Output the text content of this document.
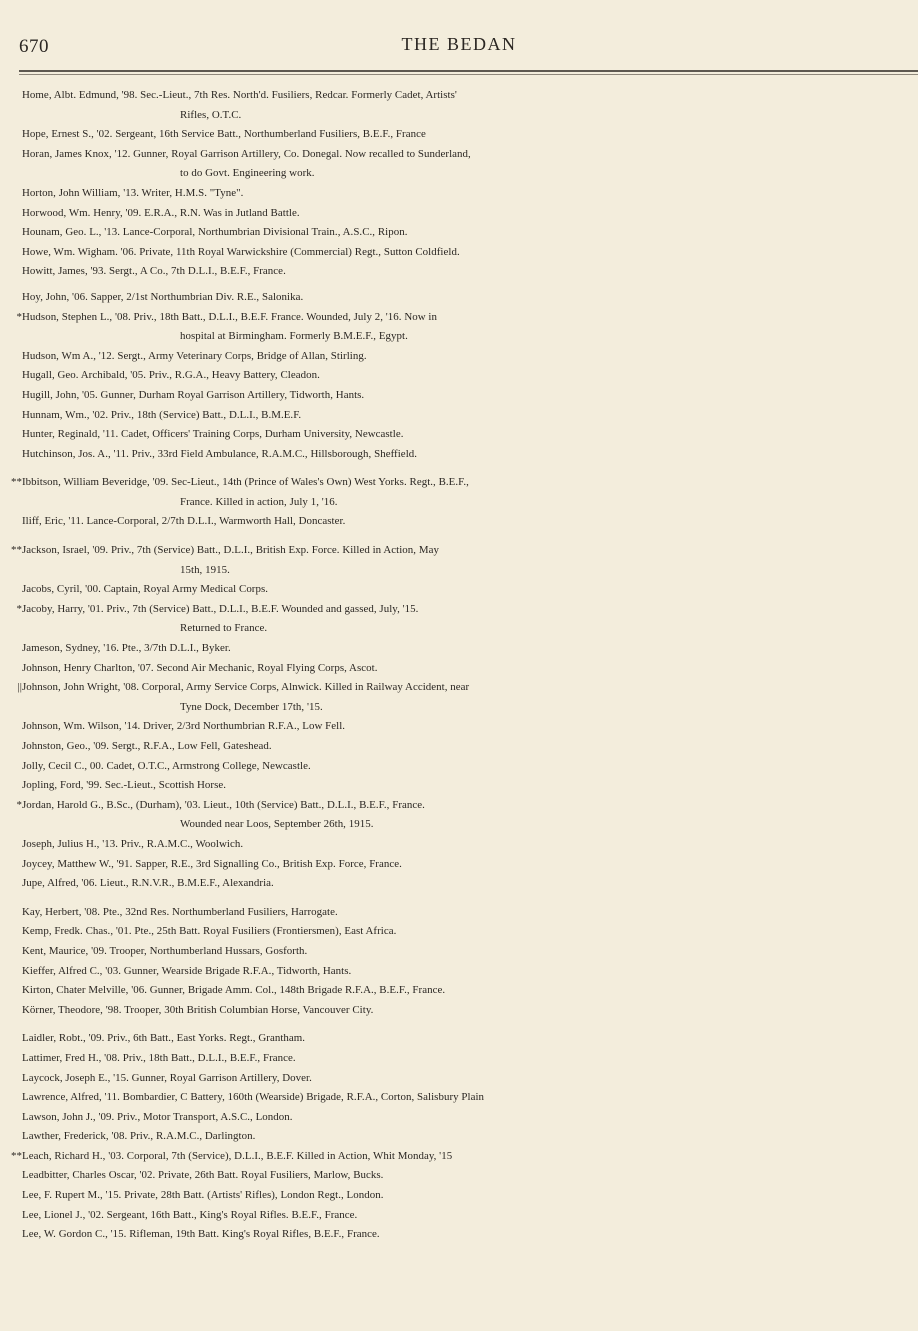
670	THE BEDAN
Home, Albt. Edmund, '98. Sec.-Lieut., 7th Res. North'd. Fusiliers, Redcar. Formerly Cadet, Artists'
Rifles, O.T.C.
Hope, Ernest S., '02. Sergeant, 16th Service Batt., Northumberland Fusiliers, B.E.F., France
Horan, James Knox, '12. Gunner, Royal Garrison Artillery, Co. Donegal. Now recalled to Sunderland,
to do Govt. Engineering work.
Horton, John William, '13. Writer, H.M.S. "Tyne".
Horwood, Wm. Henry, '09. E.R.A., R.N. Was in Jutland Battle.
Hounam, Geo. L., '13. Lance-Corporal, Northumbrian Divisional Train., A.S.C., Ripon.
Howe, Wm. Wigham. '06. Private, 11th Royal Warwickshire (Commercial) Regt., Sutton Coldfield.
Howitt, James, '93. Sergt., A Co., 7th D.L.I., B.E.F., France.
Hoy, John, '06. Sapper, 2/1st Northumbrian Div. R.E., Salonika.
* Hudson, Stephen L., '08. Priv., 18th Batt., D.L.I., B.E.F. France. Wounded, July 2, '16. Now in
hospital at Birmingham. Formerly B.M.E.F., Egypt.
Hudson, Wm A., '12. Sergt., Army Veterinary Corps, Bridge of Allan, Stirling.
Hugall, Geo. Archibald, '05. Priv., R.G.A., Heavy Battery, Cleadon.
Hugill, John, '05. Gunner, Durham Royal Garrison Artillery, Tidworth, Hants.
Hunnam, Wm., '02. Priv., 18th (Service) Batt., D.L.I., B.M.E.F.
Hunter, Reginald, '11. Cadet, Officers' Training Corps, Durham University, Newcastle.
Hutchinson, Jos. A., '11. Priv., 33rd Field Ambulance, R.A.M.C., Hillsborough, Sheffield.
** Ibbitson, William Beveridge, '09. Sec-Lieut., 14th (Prince of Wales's Own) West Yorks. Regt., B.E.F.,
France. Killed in action, July 1, '16.
Iliff, Eric, '11. Lance-Corporal, 2/7th D.L.I., Warmworth Hall, Doncaster.
** Jackson, Israel, '09. Priv., 7th (Service) Batt., D.L.I., British Exp. Force. Killed in Action, May
15th, 1915.
Jacobs, Cyril, '00. Captain, Royal Army Medical Corps.
* Jacoby, Harry, '01. Priv., 7th (Service) Batt., D.L.I., B.E.F. Wounded and gassed, July, '15.
Returned to France.
Jameson, Sydney, '16. Pte., 3/7th D.L.I., Byker.
Johnson, Henry Charlton, '07. Second Air Mechanic, Royal Flying Corps, Ascot.
|| Johnson, John Wright, '08. Corporal, Army Service Corps, Alnwick. Killed in Railway Accident, near
Tyne Dock, December 17th, '15.
Johnson, Wm. Wilson, '14. Driver, 2/3rd Northumbrian R.F.A., Low Fell.
Johnston, Geo., '09. Sergt., R.F.A., Low Fell, Gateshead.
Jolly, Cecil C., 00. Cadet, O.T.C., Armstrong College, Newcastle.
Jopling, Ford, '99. Sec.-Lieut., Scottish Horse.
* Jordan, Harold G., B.Sc., (Durham), '03. Lieut., 10th (Service) Batt., D.L.I., B.E.F., France.
Wounded near Loos, September 26th, 1915.
Joseph, Julius H., '13. Priv., R.A.M.C., Woolwich.
Joycey, Matthew W., '91. Sapper, R.E., 3rd Signalling Co., British Exp. Force, France.
Jupe, Alfred, '06. Lieut., R.N.V.R., B.M.E.F., Alexandria.
Kay, Herbert, '08. Pte., 32nd Res. Northumberland Fusiliers, Harrogate.
Kemp, Fredk. Chas., '01. Pte., 25th Batt. Royal Fusiliers (Frontiersmen), East Africa.
Kent, Maurice, '09. Trooper, Northumberland Hussars, Gosforth.
Kieffer, Alfred C., '03. Gunner, Wearside Brigade R.F.A., Tidworth, Hants.
Kirton, Chater Melville, '06. Gunner, Brigade Amm. Col., 148th Brigade R.F.A., B.E.F., France.
Körner, Theodore, '98. Trooper, 30th British Columbian Horse, Vancouver City.
Laidler, Robt., '09. Priv., 6th Batt., East Yorks. Regt., Grantham.
Lattimer, Fred H., '08. Priv., 18th Batt., D.L.I., B.E.F., France.
Laycock, Joseph E., '15. Gunner, Royal Garrison Artillery, Dover.
Lawrence, Alfred, '11. Bombardier, C Battery, 160th (Wearside) Brigade, R.F.A., Corton, Salisbury Plain
Lawson, John J., '09. Priv., Motor Transport, A.S.C., London.
Lawther, Frederick, '08. Priv., R.A.M.C., Darlington.
** Leach, Richard H., '03. Corporal, 7th (Service), D.L.I., B.E.F. Killed in Action, Whit Monday, '15
Leadbitter, Charles Oscar, '02. Private, 26th Batt. Royal Fusiliers, Marlow, Bucks.
Lee, F. Rupert M., '15. Private, 28th Batt. (Artists' Rifles), London Regt., London.
Lee, Lionel J., '02. Sergeant, 16th Batt., King's Royal Rifles. B.E.F., France.
Lee, W. Gordon C., '15. Rifleman, 19th Batt. King's Royal Rifles, B.E.F., France.
